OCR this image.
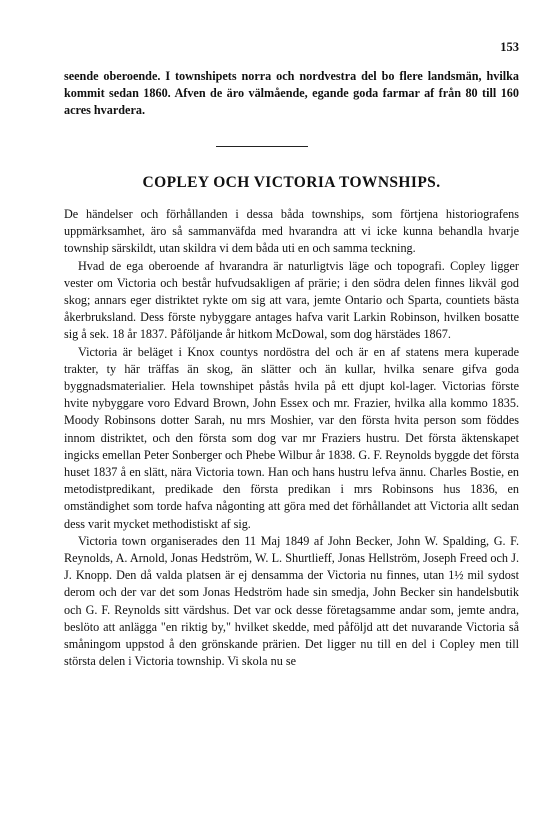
153
seende oberoende. I townshipets norra och nordvestra del bo flere landsmän, hvilka kommit sedan 1860. Afven de äro välmående, egande goda farmar af från 80 till 160 acres hvardera.
COPLEY OCH VICTORIA TOWNSHIPS.

De händelser och förhållanden i dessa båda townships, som förtjena historiografens uppmärksamhet, äro så sammanväfda med hvarandra att vi icke kunna behandla hvarje township särskildt, utan skildra vi dem båda uti en och samma teckning.

Hvad de ega oberoende af hvarandra är naturligtvis läge och topografi. Copley ligger vester om Victoria och består hufvudsakligen af prärie; i den södra delen finnes likväl god skog; annars eger distriktet rykte om sig att vara, jemte Ontario och Sparta, countiets bästa åkerbruksland. Dess förste nybyggare antages hafva varit Larkin Robinson, hvilken bosatte sig å sek. 18 år 1837. Påföljande år hitkom McDowal, som dog härstädes 1867.

Victoria är beläget i Knox countys nordöstra del och är en af statens mera kuperade trakter, ty här träffas än skog, än slätter och än kullar, hvilka senare gifva goda byggnadsmaterialier. Hela townshipet påstås hvila på ett djupt kol-lager. Victorias förste hvite nybyggare voro Edvard Brown, John Essex och mr. Frazier, hvilka alla kommo 1835. Moody Robinsons dotter Sarah, nu mrs Moshier, var den första hvita person som föddes innom distriktet, och den första som dog var mr Fraziers hustru. Det första äktenskapet ingicks emellan Peter Sonberger och Phebe Wilbur år 1838. G. F. Reynolds byggde det första huset 1837 å en slätt, nära Victoria town. Han och hans hustru lefva ännu. Charles Bostie, en metodistpredikant, predikade den första predikan i mrs Robinsons hus 1836, en omständighet som torde hafva någonting att göra med det förhållandet att Victoria allt sedan dess varit mycket methodistiskt af sig.

Victoria town organiserades den 11 Maj 1849 af John Becker, John W. Spalding, G. F. Reynolds, A. Arnold, Jonas Hedström, W. L. Shurtlieff, Jonas Hellström, Joseph Freed och J. J. Knopp. Den då valda platsen är ej densamma der Victoria nu finnes, utan 1½ mil sydost derom och der var det som Jonas Hedström hade sin smedja, John Becker sin handelsbutik och G. F. Reynolds sitt värdshus. Det var ock desse företagsamme andar som, jemte andra, beslöto att anlägga "en riktig by," hvilket skedde, med påföljd att det nuvarande Victoria så småningom uppstod å den grönskande prärien. Det ligger nu till en del i Copley men till största delen i Victoria township. Vi skola nu se
